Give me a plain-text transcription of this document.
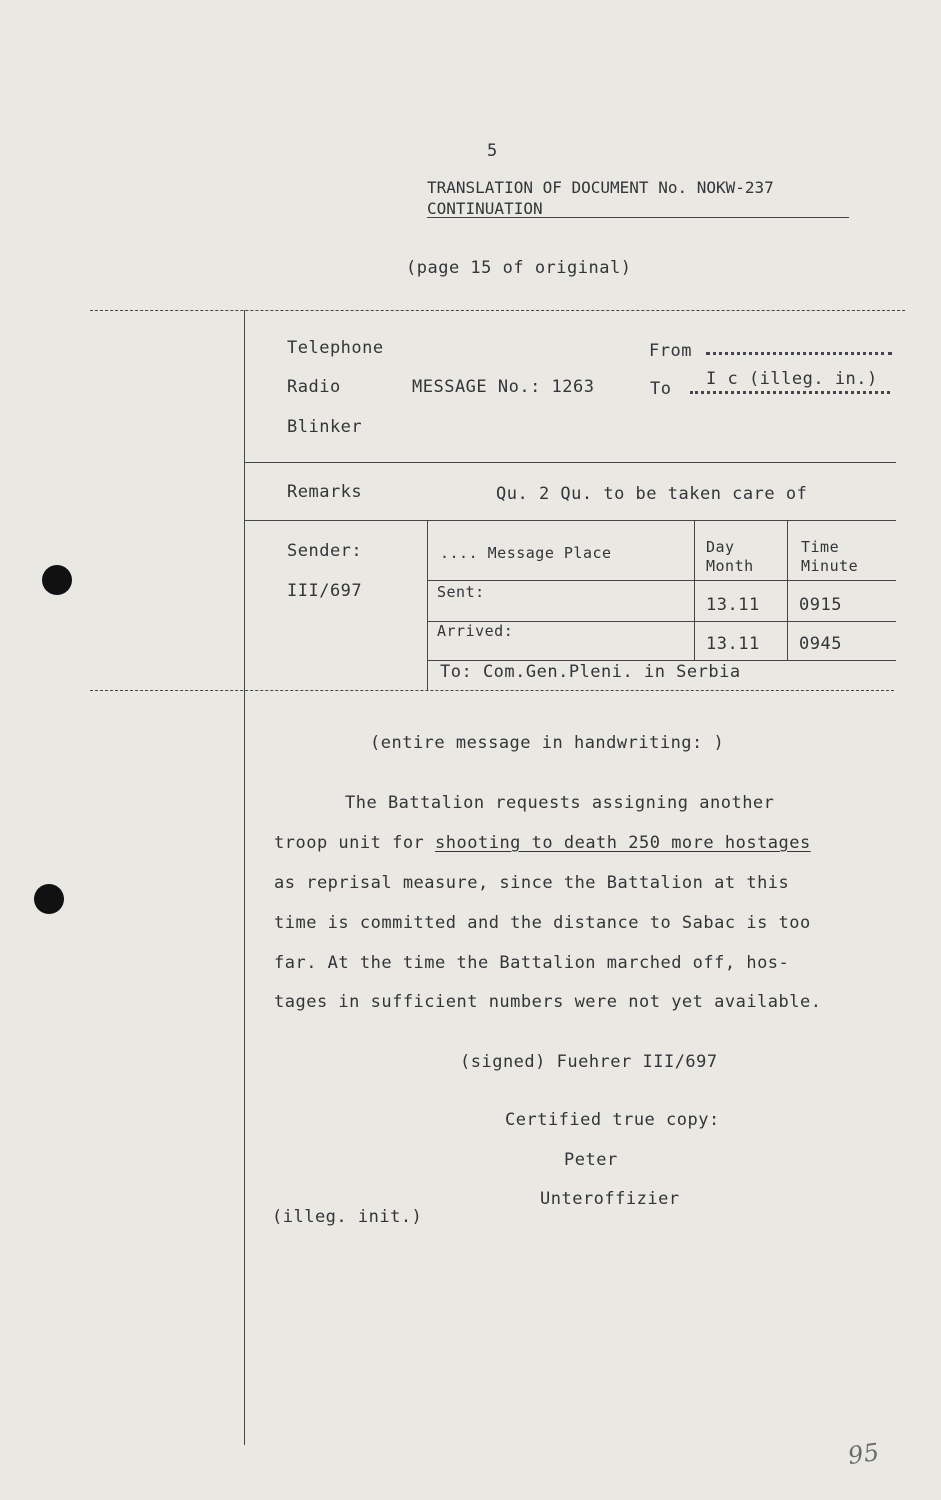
5
TRANSLATION OF DOCUMENT No. NOKW-237
CONTINUATION
(page 15 of original)
Telephone
Radio
Blinker
MESSAGE No.: 1263
From
To I c (illeg. in.)
Remarks	Qu. 2 Qu. to be taken care of
Sender:
III/697
.... Message Place	Day
Month
Time
Minute
Sent:
13.11 0915
Arrived:
13.11 0945
To: Com.Gen.Pleni. in Serbia
(entire message in handwriting: )
The Battalion requests assigning another
troop unit for shooting to death 250 more hostages
as reprisal measure, since the Battalion at this
time is committed and the distance to Sabac is too
far. At the time the Battalion marched off, hos-
tages in sufficient numbers were not yet available.
(signed) Fuehrer III/697
Certified true copy:
Peter
Unteroffizier
(illeg. init.)
95
